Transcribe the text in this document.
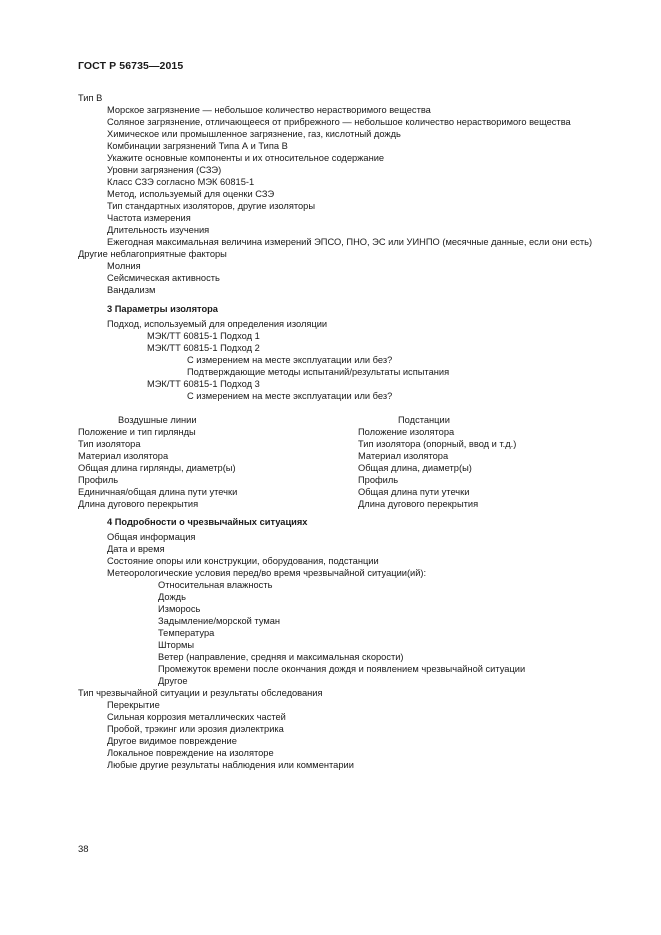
ГОСТ Р 56735—2015
Тип В
Морское загрязнение — небольшое количество нерастворимого вещества
Соляное загрязнение, отличающееся от прибрежного — небольшое количество нерастворимого вещества
Химическое или промышленное загрязнение, газ, кислотный дождь
Комбинации загрязнений Типа А и Типа В
Укажите основные компоненты и их относительное содержание
Уровни загрязнения (СЗЭ)
Класс СЗЭ согласно МЭК 60815-1
Метод, используемый для оценки СЗЭ
Тип стандартных изоляторов, другие изоляторы
Частота измерения
Длительность изучения
Ежегодная максимальная величина измерений ЭПСО, ПНО, ЭС или УИНПО (месячные данные, если они есть)
Другие неблагоприятные факторы
Молния
Сейсмическая активность
Вандализм
3 Параметры изолятора
Подход, используемый для определения изоляции
МЭК/ТТ 60815-1 Подход 1
МЭК/ТТ 60815-1 Подход 2
С измерением на месте эксплуатации или без?
Подтверждающие методы испытаний/результаты испытания
МЭК/ТТ 60815-1 Подход 3
С измерением на месте эксплуатации или без?
Воздушные линии	Подстанции
Положение и тип гирлянды
Тип изолятора
Материал изолятора
Общая длина гирлянды, диаметр(ы)
Профиль
Единичная/общая длина пути утечки
Длина дугового перекрытия
Положение изолятора
Тип изолятора (опорный, ввод и т.д.)
Материал изолятора
Общая длина, диаметр(ы)
Профиль
Общая длина пути утечки
Длина дугового перекрытия
4 Подробности о чрезвычайных ситуациях
Общая информация
Дата и время
Состояние опоры или конструкции, оборудования, подстанции
Метеорологические условия перед/во время чрезвычайной ситуации(ий):
Относительная влажность
Дождь
Изморось
Задымление/морской туман
Температура
Штормы
Ветер (направление, средняя и максимальная скорости)
Промежуток времени после окончания дождя и появлением чрезвычайной ситуации
Другое
Тип чрезвычайной ситуации и результаты обследования
Перекрытие
Сильная коррозия металлических частей
Пробой, трэкинг или эрозия диэлектрика
Другое видимое повреждение
Локальное повреждение на изоляторе
Любые другие результаты наблюдения или комментарии
38
